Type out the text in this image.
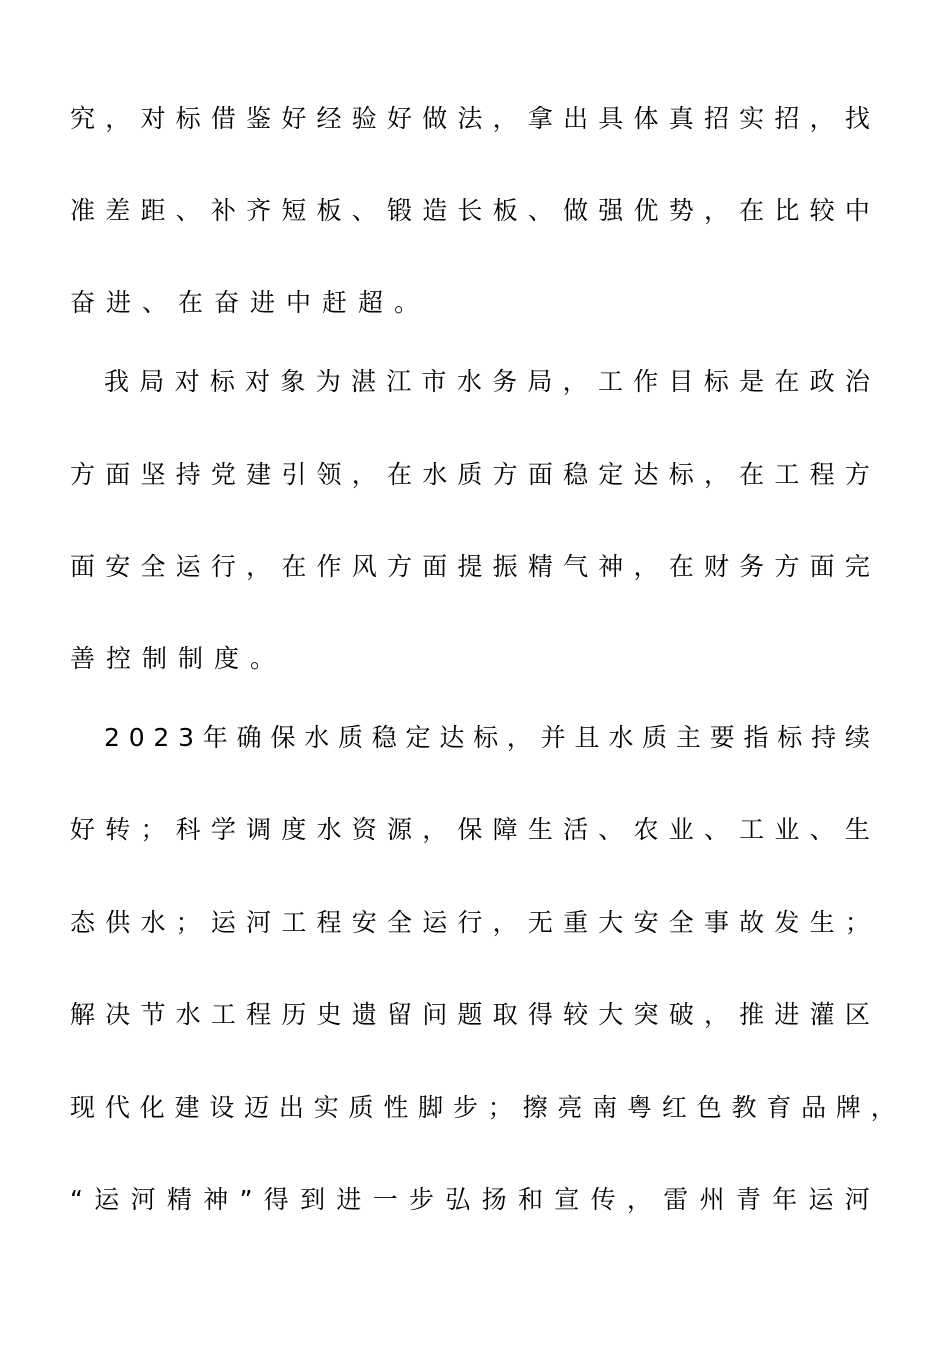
究 ， 对 标 借 鉴 好 经 验 好 做 法 ， 拿 出 具 体 真 招 实 招 ， 找
准 差 距 、 补 齐 短 板 、 锻 造 长 板 、 做 强 优 势 ， 在 比 较 中
奋进、在奋进中赶超。
我 局 对 标 对 象 为 湛 江 市 水 务 局 ， 工 作 目 标 是 在 政 治
方 面 坚 持 党 建 引 领 ， 在 水 质 方 面 稳 定 达 标 ， 在 工 程 方
面 安 全 运 行 ， 在 作 风 方 面 提 振 精 气 神 ， 在 财 务 方 面 完
善控制制度。
2 0 2 3 年 确 保 水 质 稳 定 达 标 ， 并 且 水 质 主 要 指 标 持 续
好 转 ； 科 学 调 度 水 资 源 ， 保 障 生 活 、 农 业 、 工 业 、 生
态 供 水 ； 运 河 工 程 安 全 运 行 ， 无 重 大 安 全 事 故 发 生 ；
解 决 节 水 工 程 历 史 遗 留 问 题 取 得 较 大 突 破 ， 推 进 灌 区
现 代 化 建 设 迈 出 实 质 性 脚 步 ； 擦 亮 南 粤 红 色 教 育 品 牌 ，
“ 运 河 精 神 ” 得 到 进 一 步 弘 扬 和 宣 传 ， 雷 州 青 年 运 河
